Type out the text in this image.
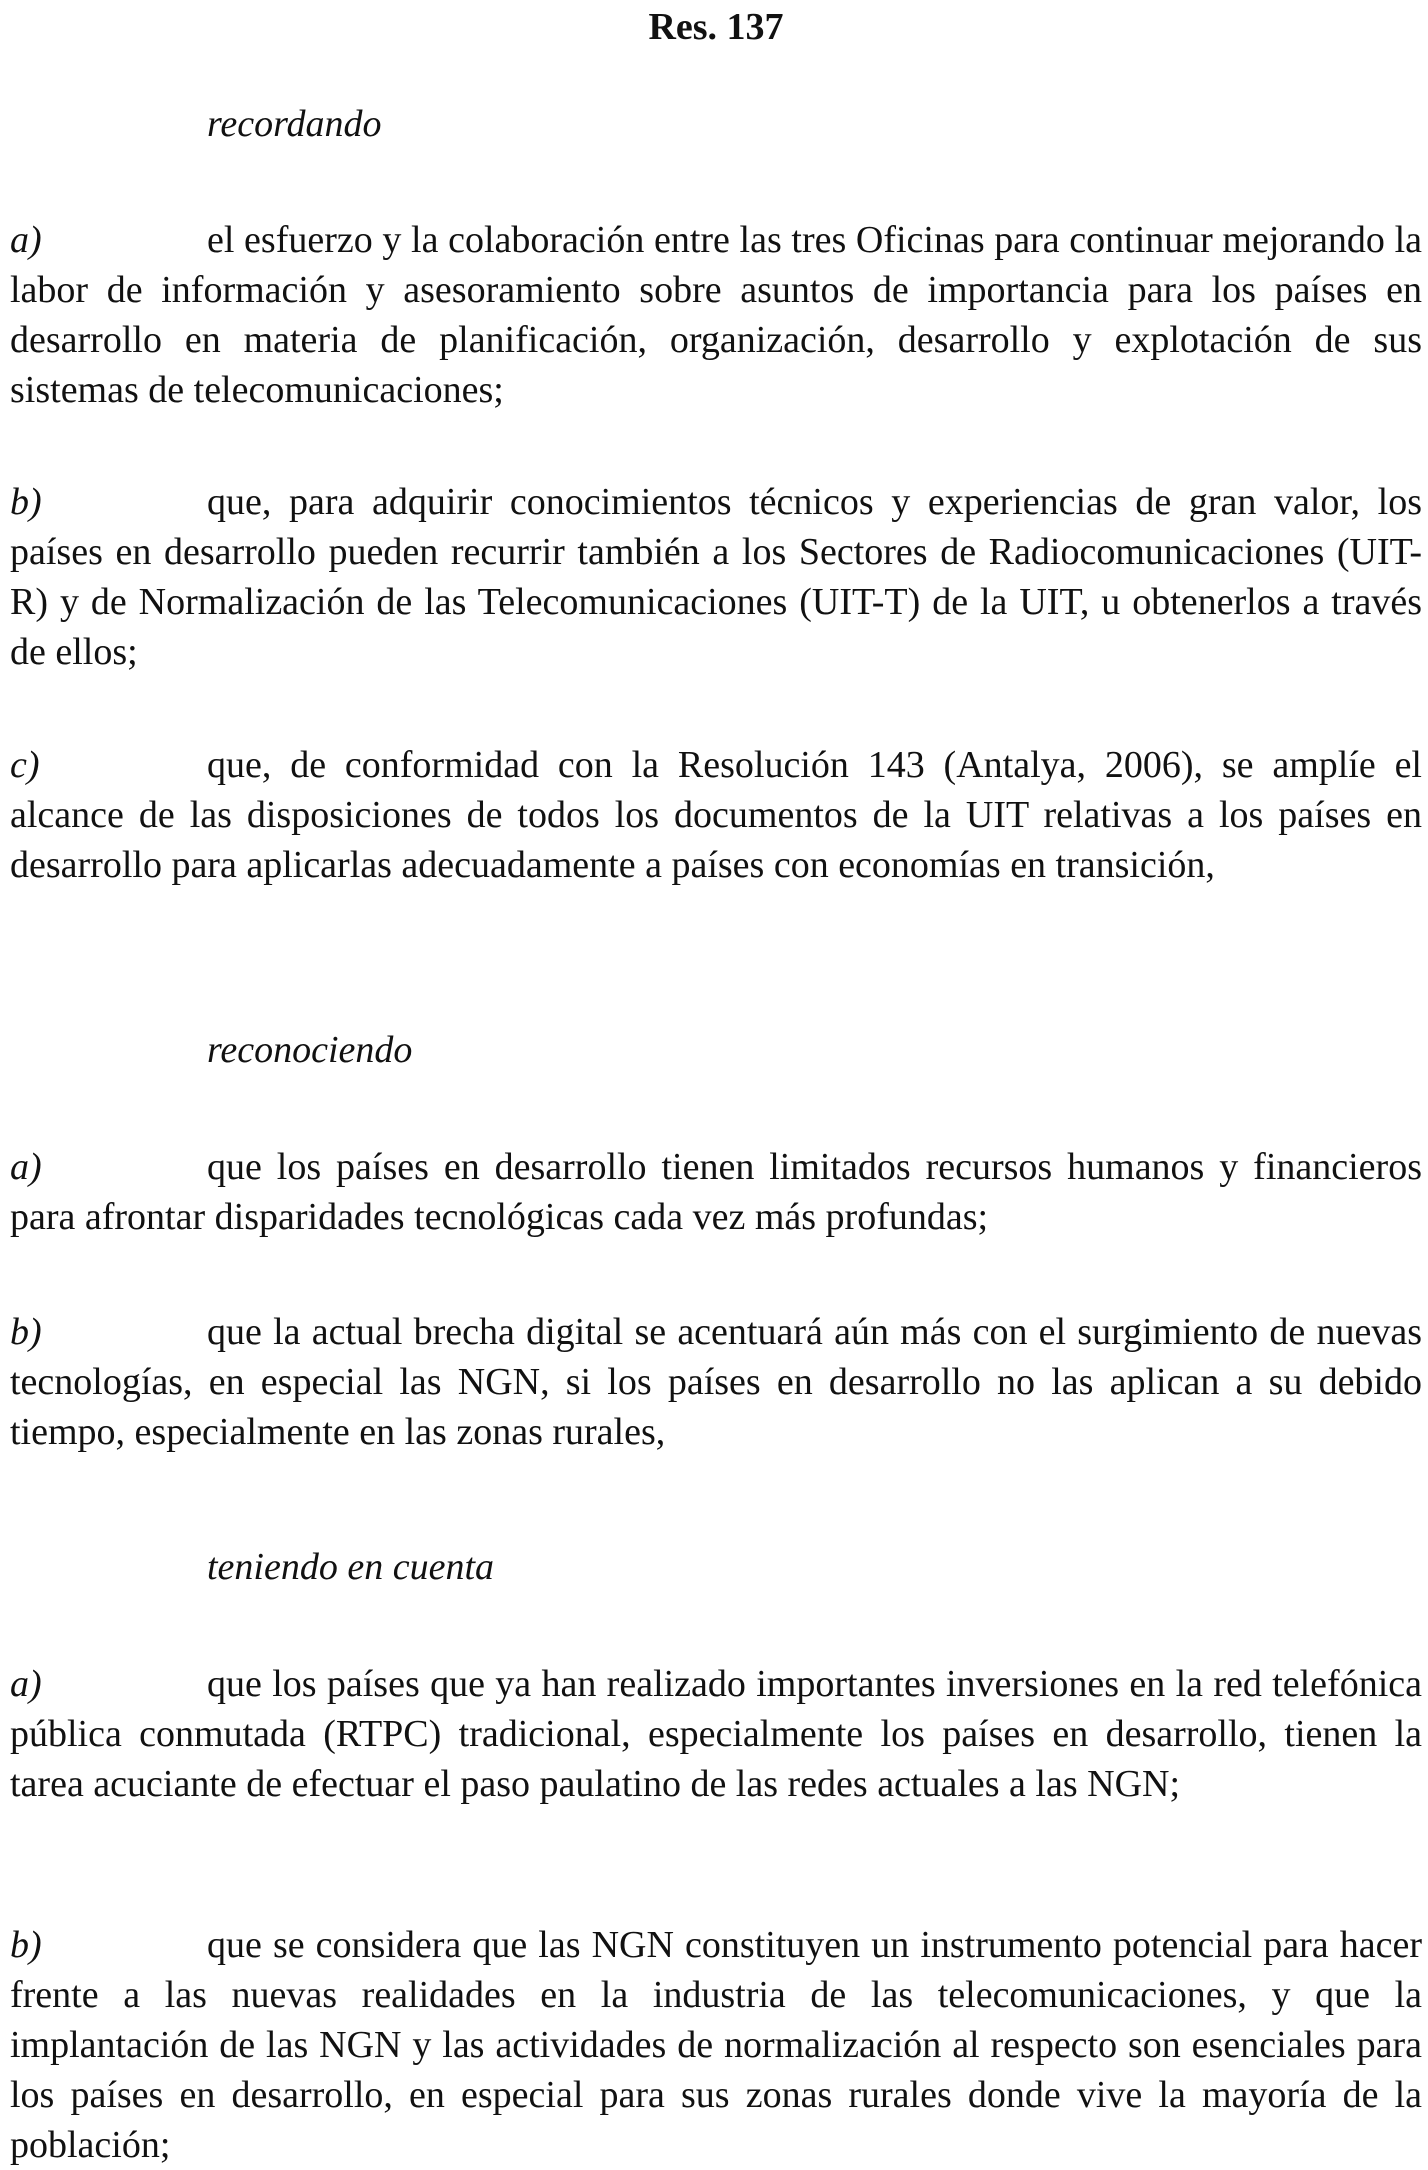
Res. 137
recordando
a)	el esfuerzo y la colaboración entre las tres Oficinas para continuar mejorando la labor de información y asesoramiento sobre asuntos de importancia para los países en desarrollo en materia de planificación, organización, desarrollo y explotación de sus sistemas de telecomunicaciones;
b)	que, para adquirir conocimientos técnicos y experiencias de gran valor, los países en desarrollo pueden recurrir también a los Sectores de Radiocomunicaciones (UIT-R) y de Normalización de las Telecomunicaciones (UIT-T) de la UIT, u obtenerlos a través de ellos;
c)	que, de conformidad con la Resolución 143 (Antalya, 2006), se amplíe el alcance de las disposiciones de todos los documentos de la UIT relativas a los países en desarrollo para aplicarlas adecuadamente a países con economías en transición,
reconociendo
a)	que los países en desarrollo tienen limitados recursos humanos y financieros para afrontar disparidades tecnológicas cada vez más profundas;
b)	que la actual brecha digital se acentuará aún más con el surgimiento de nuevas tecnologías, en especial las NGN, si los países en desarrollo no las aplican a su debido tiempo, especialmente en las zonas rurales,
teniendo en cuenta
a)	que los países que ya han realizado importantes inversiones en la red telefónica pública conmutada (RTPC) tradicional, especialmente los países en desarrollo, tienen la tarea acuciante de efectuar el paso paulatino de las redes actuales a las NGN;
b)	que se considera que las NGN constituyen un instrumento potencial para hacer frente a las nuevas realidades en la industria de las telecomunicaciones, y que la implantación de las NGN y las actividades de normalización al respecto son esenciales para los países en desarrollo, en especial para sus zonas rurales donde vive la mayoría de la población;
